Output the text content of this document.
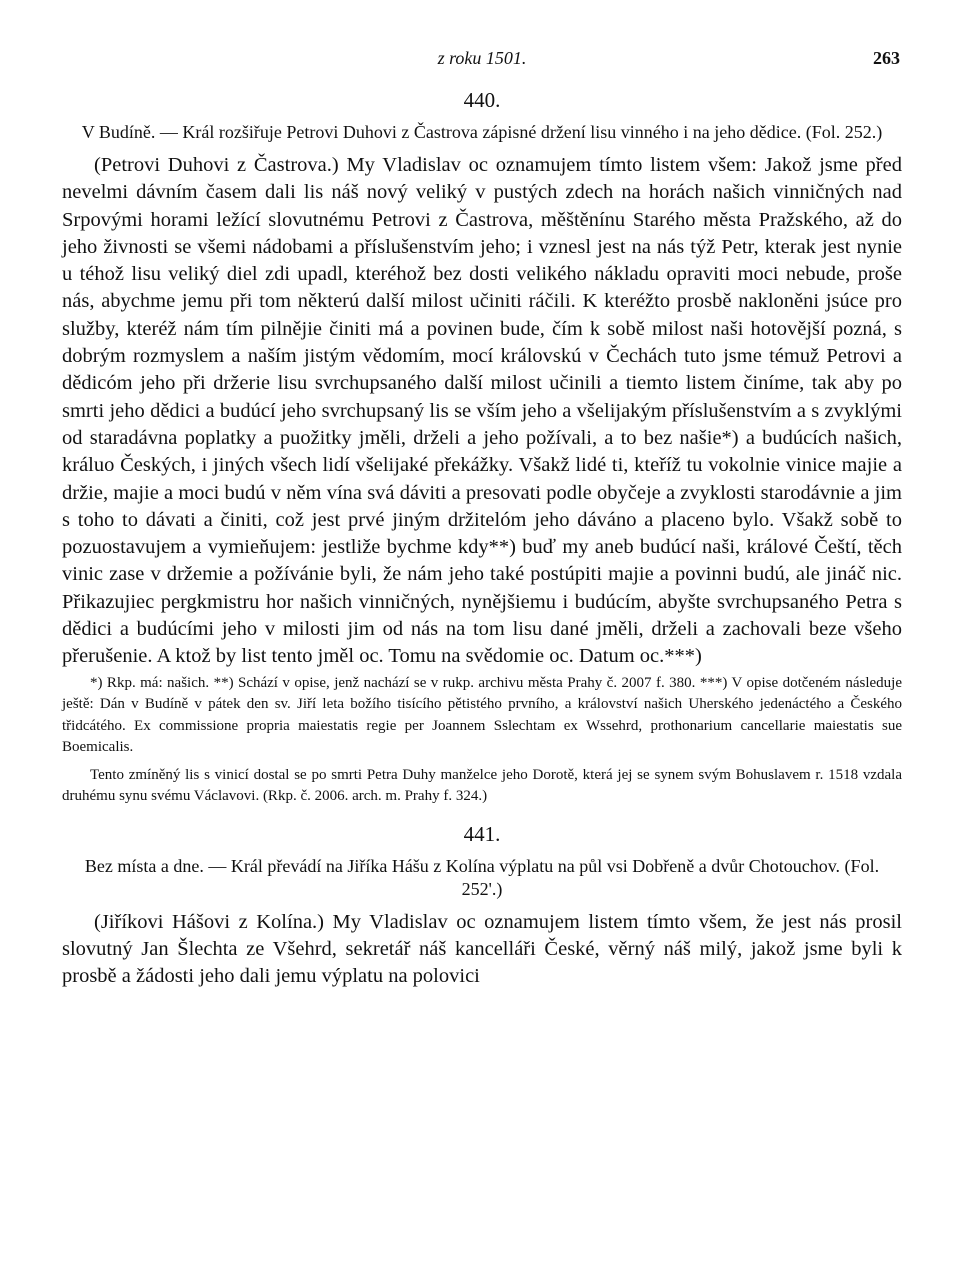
z roku 1501.	263
440.
V Budíně. — Král rozšiřuje Petrovi Duhovi z Častrova zápisné držení lisu vinného i na jeho dědice. (Fol. 252.)

(Petrovi Duhovi z Častrova.) My Vladislav oc oznamujem tímto listem všem: Jakož jsme před nevelmi dávním časem dali lis náš nový veliký v pustých zdech na horách našich vinničných nad Srpovými horami ležící slovutnému Petrovi z Častrova, měštěnínu Starého města Pražského, až do jeho živnosti se všemi nádobami a příslušenstvím jeho; i vznesl jest na nás týž Petr, kterak jest nynie u téhož lisu veliký diel zdi upadl, kteréhož bez dosti velikého nákladu opraviti moci nebude, proše nás, abychme jemu při tom některú další milost učiniti ráčili. K kteréžto prosbě nakloněni jsúce pro služby, kteréž nám tím pilnějie činiti má a povinen bude, čím k sobě milost naši hotovější pozná, s dobrým rozmyslem a naším jistým vědomím, mocí královskú v Čechách tuto jsme témuž Petrovi a dědicóm jeho při držerie lisu svrchupsaného další milost učinili a tiemto listem činíme, tak aby po smrti jeho dědici a budúcí jeho svrchupsaný lis se vším jeho a všelijakým příslušenstvím a s zvyklými od staradávna poplatky a puožitky jměli, drželi a jeho požívali, a to bez našie*) a budúcích našich, králuo Českých, i jiných všech lidí všelijaké překážky. Všakž lidé ti, kteříž tu vokolnie vinice majie a držie, majie a moci budú v něm vína svá dáviti a presovati podle obyčeje a zvyklosti starodávnie a jim s toho to dávati a činiti, což jest prvé jiným držitelóm jeho dáváno a placeno bylo. Všakž sobě to pozuostavujem a vymieňujem: jestliže bychme kdy**) buď my aneb budúcí naši, králové Čeští, těch vinic zase v držemie a požívánie byli, že nám jeho také postúpiti majie a povinni budú, ale jináč nic. Přikazujiec pergkmistru hor našich vinničných, nynějšiemu i budúcím, abyšte svrchupsaného Petra s dědici a budúcími jeho v milosti jim od nás na tom lisu dané jměli, drželi a zachovali beze všeho přerušenie. A ktož by list tento jměl oc. Tomu na svědomie oc. Datum oc.***)

*) Rkp. má: našich. **) Schází v opise, jenž nachází se v rukp. archivu města Prahy č. 2007 f. 380. ***) V opise dotčeném následuje ještě: Dán v Budíně v pátek den sv. Jiří leta božího tisícího pětistého prvního, a království našich Uherského jedenáctého a Českého třidcátého. Ex commissione propria maiestatis regie per Joannem Sslechtam ex Wssehrd, prothonarium cancellarie maiestatis sue Boemicalis.

Tento zmíněný lis s vinicí dostal se po smrti Petra Duhy manželce jeho Dorotě, která jej se synem svým Bohuslavem r. 1518 vzdala druhému synu svému Václavovi. (Rkp. č. 2006. arch. m. Prahy f. 324.)

441.
Bez místa a dne. — Král převádí na Jiříka Hášu z Kolína výplatu na půl vsi Dobřeně a dvůr Chotouchov. (Fol. 252'.)

(Jiříkovi Hášovi z Kolína.) My Vladislav oc oznamujem listem tímto všem, že jest nás prosil slovutný Jan Šlechta ze Všehrd, sekretář náš kancelláři České, věrný náš milý, jakož jsme byli k prosbě a žádosti jeho dali jemu výplatu na polovici
